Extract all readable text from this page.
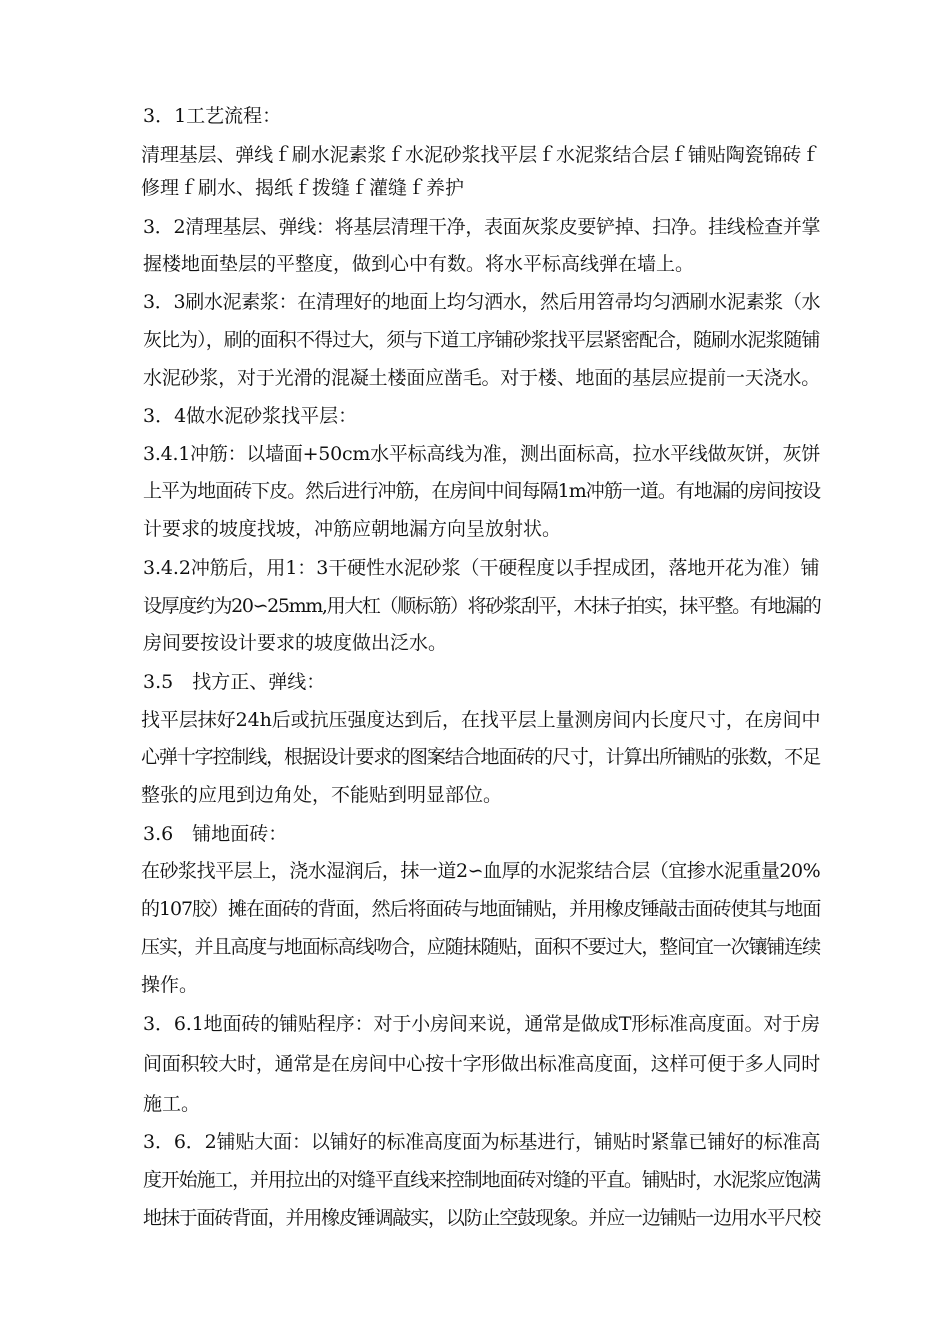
3．1工艺流程：
清理基层、弹线ｆ刷水泥素浆ｆ水泥砂浆找平层ｆ水泥浆结合层ｆ铺贴陶瓷锦砖ｆ
修理ｆ刷水、揭纸ｆ拨缝ｆ灌缝ｆ养护
3．2清理基层、弹线：将基层清理干净，表面灰浆皮要铲掉、扫净。挂线检查并掌
握楼地面垫层的平整度，做到心中有数。将水平标高线弹在墙上。
3．3刷水泥素浆：在清理好的地面上均匀洒水，然后用笤帚均匀洒刷水泥素浆（水
灰比为），刷的面积不得过大，须与下道工序铺砂浆找平层紧密配合，随刷水泥浆随铺
水泥砂浆，对于光滑的混凝土楼面应凿毛。对于楼、地面的基层应提前一天浇水。
3．4做水泥砂浆找平层：
3.4.1冲筋：以墙面+50cm水平标高线为准，测出面标高，拉水平线做灰饼，灰饼
上平为地面砖下皮。然后进行冲筋，在房间中间每隔1m冲筋一道。有地漏的房间按设
计要求的坡度找坡，冲筋应朝地漏方向呈放射状。
3.4.2冲筋后，用1：3干硬性水泥砂浆（干硬程度以手捏成团，落地开花为准）铺
设厚度约为20∽25mm,用大杠（顺标筋）将砂浆刮平，木抹子拍实，抹平整。有地漏的
房间要按设计要求的坡度做出泛水。
3.5　找方正、弹线：
找平层抹好24h后或抗压强度达到后，在找平层上量测房间内长度尺寸，在房间中
心弹十字控制线，根据设计要求的图案结合地面砖的尺寸，计算出所铺贴的张数，不足
整张的应甩到边角处，不能贴到明显部位。
3.6　铺地面砖：
在砂浆找平层上，浇水湿润后，抹一道2∽血厚的水泥浆结合层（宜掺水泥重量20%
的107胶）摊在面砖的背面，然后将面砖与地面铺贴，并用橡皮锤敲击面砖使其与地面
压实，并且高度与地面标高线吻合，应随抹随贴，面积不要过大，整间宜一次镶铺连续
操作。
3．6.1地面砖的铺贴程序：对于小房间来说，通常是做成T形标准高度面。对于房
间面积较大时，通常是在房间中心按十字形做出标准高度面，这样可便于多人同时
施工。
3．6．2铺贴大面：以铺好的标准高度面为标基进行，铺贴时紧靠已铺好的标准高
度开始施工，并用拉出的对缝平直线来控制地面砖对缝的平直。铺贴时，水泥浆应饱满
地抹于面砖背面，并用橡皮锤调敲实，以防止空鼓现象。并应一边铺贴一边用水平尺校
